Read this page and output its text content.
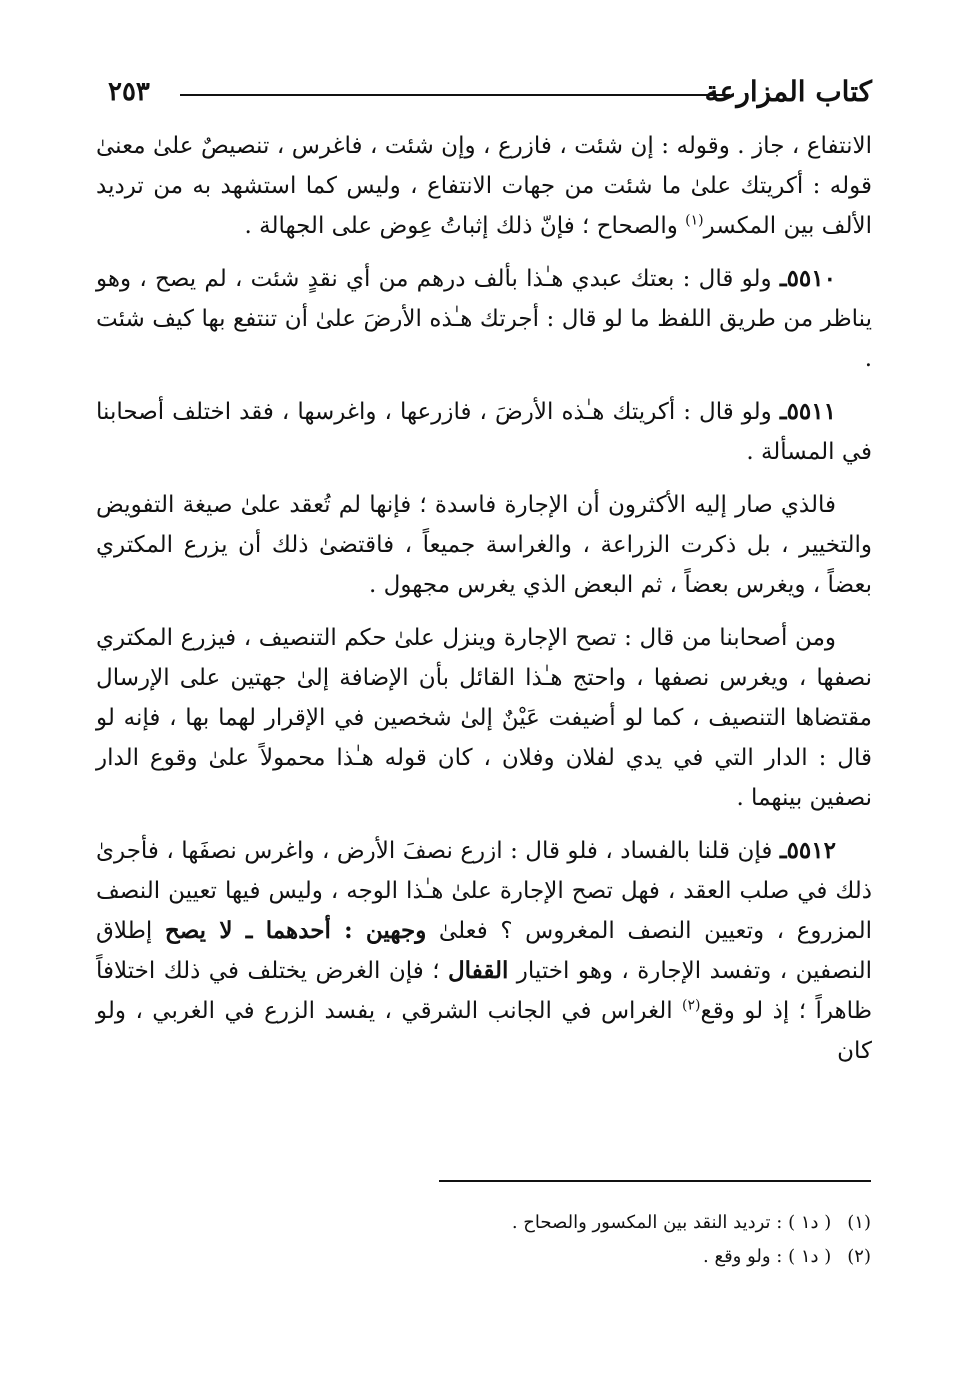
كتاب المزارعة
٢٥٣

الانتفاع ، جاز . وقوله : إن شئت ، فازرع ، وإن شئت ، فاغرس ، تنصيصٌ علىٰ معنىٰ قوله : أكريتك علىٰ ما شئت من جهات الانتفاع ، وليس كما استشهد به من ترديد الألف بين المكسر$^{(١)}$ والصحاح ؛ فإنّ ذلك إثباتُ عِوض على الجهالة .

٥٥١٠ـ ولو قال : بعتك عبدي هـٰذا بألف درهم من أي نقدٍ شئت ، لم يصح ، وهو يناظر من طريق اللفظ ما لو قال : أجرتك هـٰذه الأرضَ علىٰ أن تنتفع بها كيف شئت .

٥٥١١ـ ولو قال : أكريتك هـٰذه الأرضَ ، فازرعها ، واغرسها ، فقد اختلف أصحابنا في المسألة .

فالذي صار إليه الأكثرون أن الإجارة فاسدة ؛ فإنها لم تُعقد علىٰ صيغة التفويض والتخيير ، بل ذكرت الزراعة ، والغراسة جميعاً ، فاقتضىٰ ذلك أن يزرع المكتري بعضاً ، ويغرس بعضاً ، ثم البعض الذي يغرس مجهول .

ومن أصحابنا من قال : تصح الإجارة وينزل علىٰ حكم التنصيف ، فيزرع المكتري نصفها ، ويغرس نصفها ، واحتج هـٰذا القائل بأن الإضافة إلىٰ جهتين على الإرسال مقتضاها التنصيف ، كما لو أضيفت عَيْنٌ إلىٰ شخصين في الإقرار لهما بها ، فإنه لو قال : الدار التي في يدي لفلان وفلان ، كان قوله هـٰذا محمولاً علىٰ وقوع الدار نصفين بينهما .

٥٥١٢ـ فإن قلنا بالفساد ، فلو قال : ازرع نصفَ الأرض ، واغرس نصفَها ، فأجرىٰ ذلك في صلب العقد ، فهل تصح الإجارة علىٰ هـٰذا الوجه ، وليس فيها تعيين النصف المزروع ، وتعيين النصف المغروس ؟ فعلىٰ وجهين : أحدهما ـ لا يصح إطلاق النصفين ، وتفسد الإجارة ، وهو اختيار القفال ؛ فإن الغرض يختلف في ذلك اختلافاً ظاهراً ؛ إذ لو وقع$^{(٢)}$ الغراس في الجانب الشرقي ، يفسد الزرع في الغربي ، ولو كان

(١) ( د١ ) : ترديد النقد بين المكسور والصحاح .
(٢) ( د١ ) : ولو وقع .
